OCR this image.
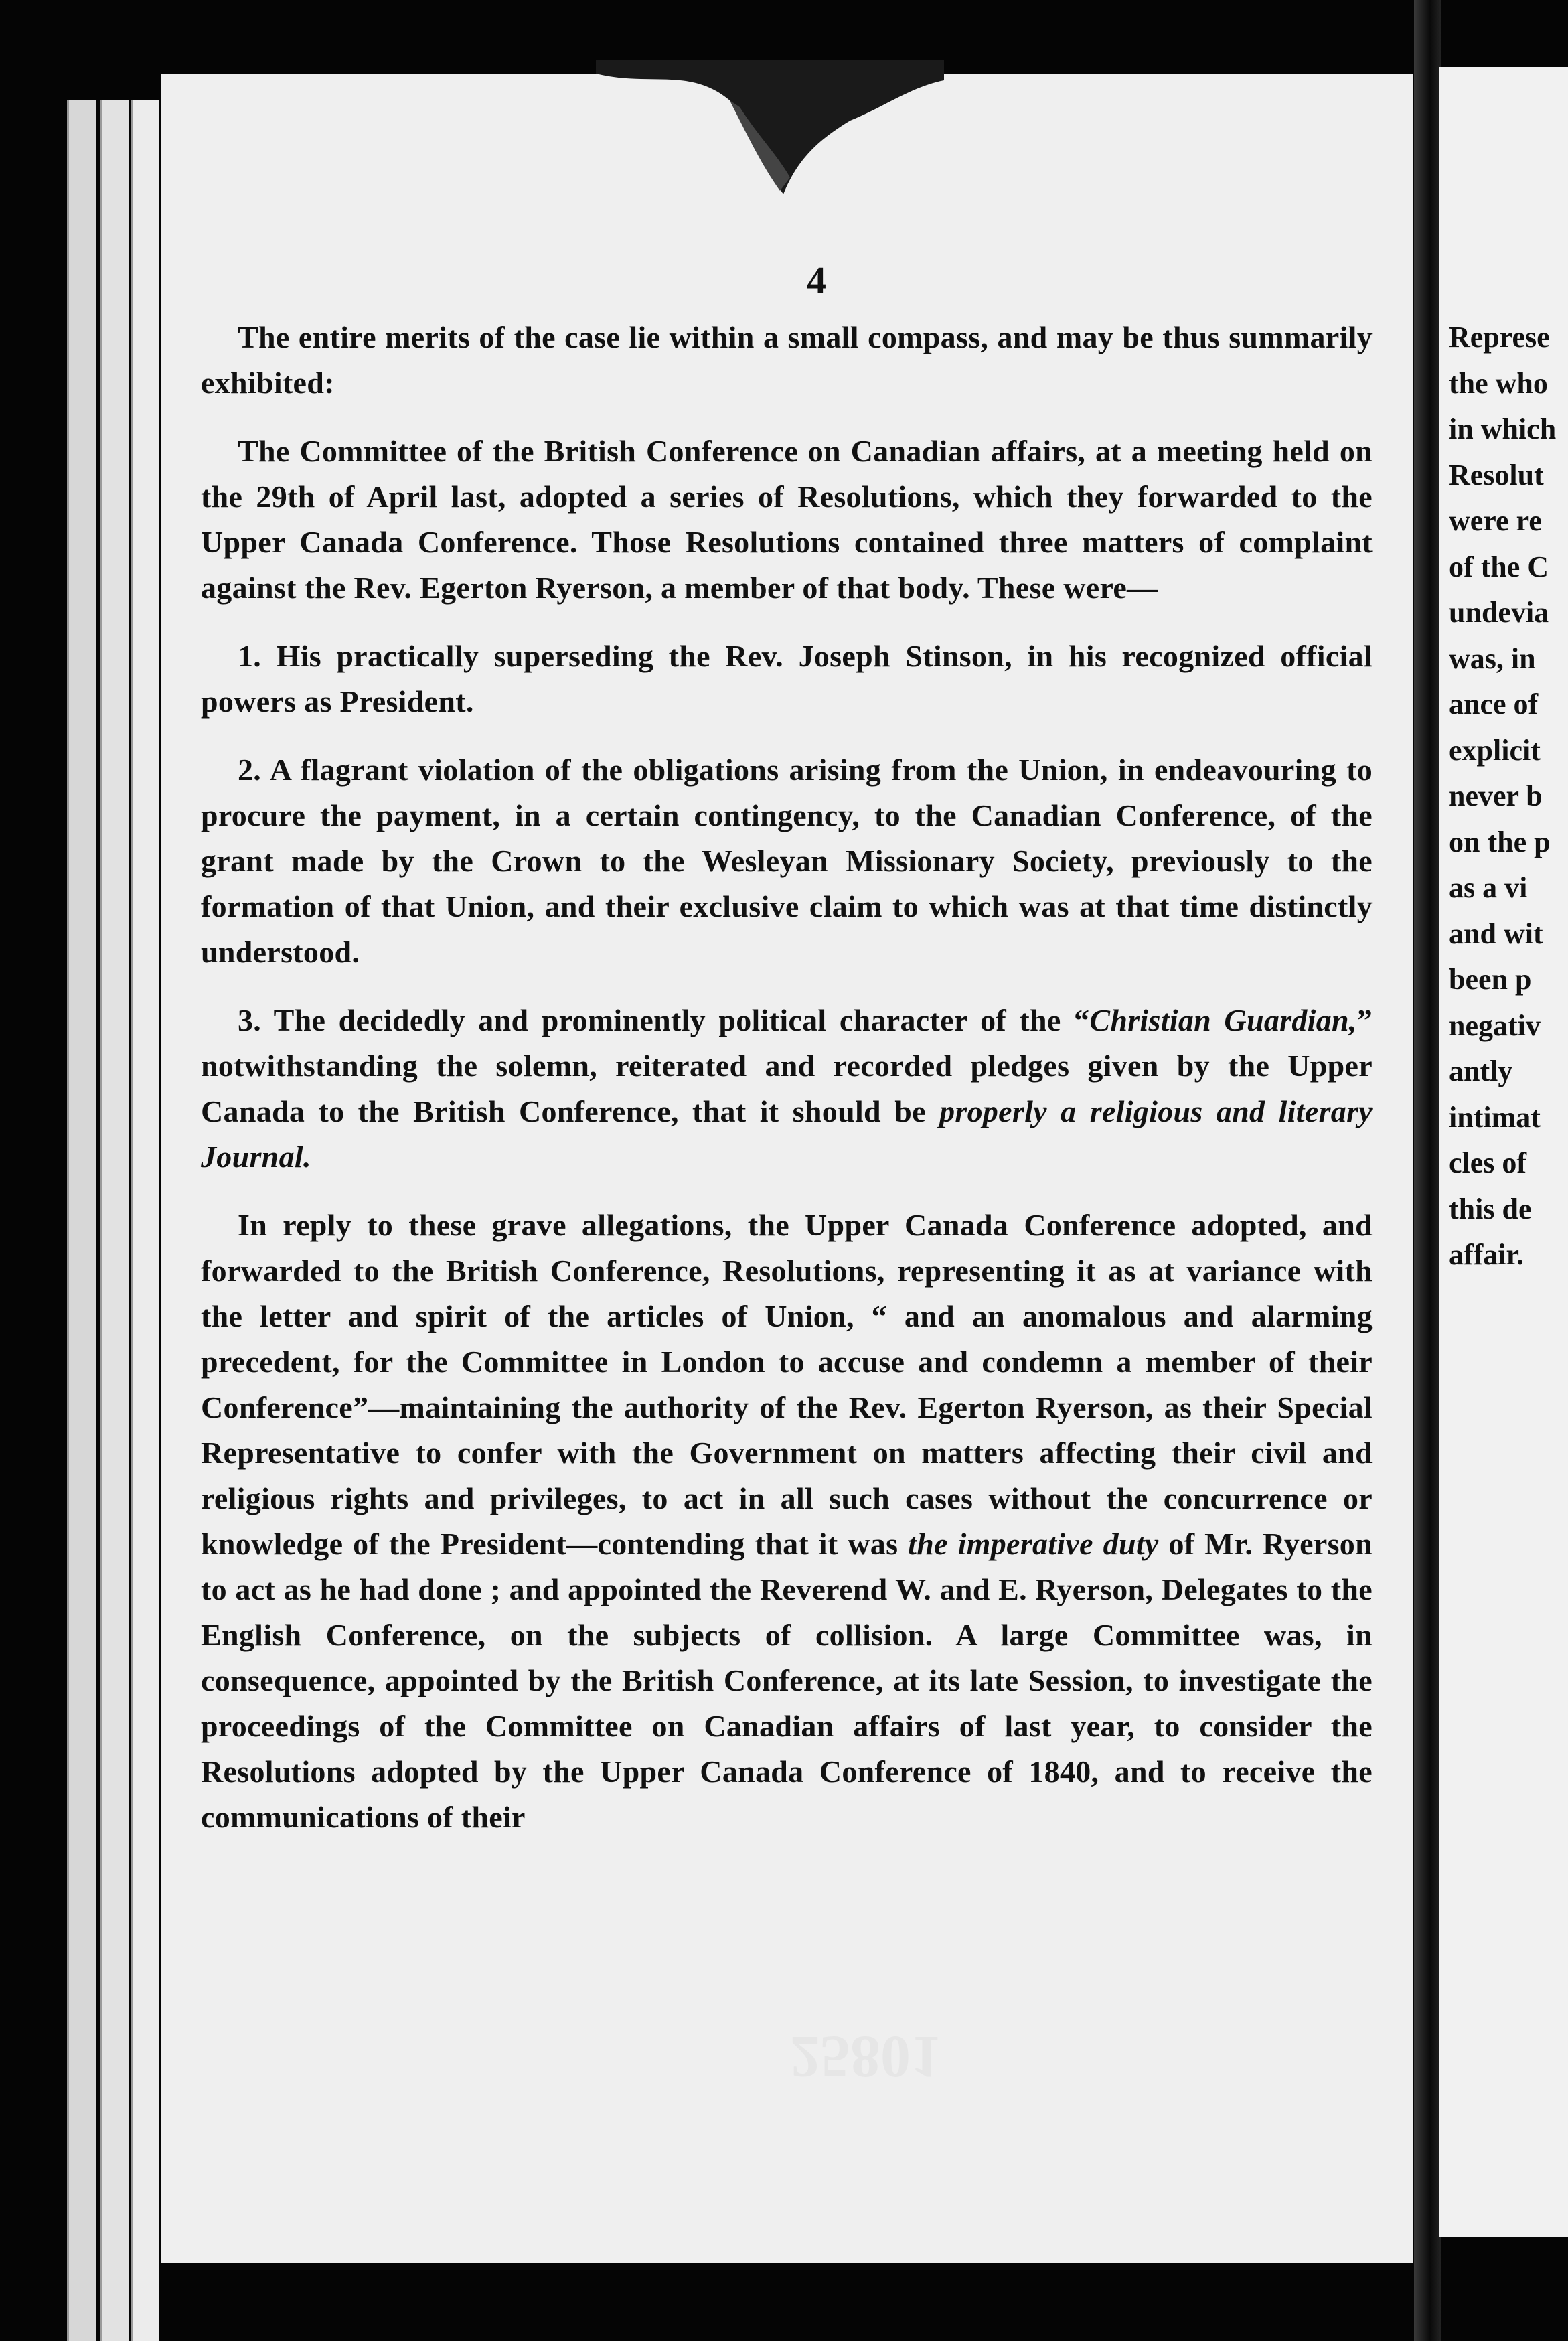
4

The entire merits of the case lie within a small compass, and may be thus summarily exhibited:

The Committee of the British Conference on Canadian affairs, at a meeting held on the 29th of April last, adopted a series of Resolutions, which they forwarded to the Upper Canada Conference. Those Resolutions contained three matters of complaint against the Rev. Egerton Ryerson, a member of that body. These were—

1. His practically superseding the Rev. Joseph Stinson, in his recognized official powers as President.

2. A flagrant violation of the obligations arising from the Union, in endeavouring to procure the payment, in a certain contingency, to the Canadian Conference, of the grant made by the Crown to the Wesleyan Missionary Society, previously to the formation of that Union, and their exclusive claim to which was at that time distinctly understood.

3. The decidedly and prominently political character of the “Christian Guardian,” notwithstanding the solemn, reiterated and recorded pledges given by the Upper Canada to the British Conference, that it should be properly a religious and literary Journal.

In reply to these grave allegations, the Upper Canada Conference adopted, and forwarded to the British Conference, Resolutions, representing it as at variance with the letter and spirit of the articles of Union, “ and an anomalous and alarming precedent, for the Committee in London to accuse and condemn a member of their Conference”—maintaining the authority of the Rev. Egerton Ryerson, as their Special Representative to confer with the Government on matters affecting their civil and religious rights and privileges, to act in all such cases without the concurrence or knowledge of the President—contending that it was the imperative duty of Mr. Ryerson to act as he had done ; and appointed the Reverend W. and E. Ryerson, Delegates to the English Conference, on the subjects of collision. A large Committee was, in consequence, appointed by the British Conference, at its late Session, to investigate the proceedings of the Committee on Canadian affairs of last year, to consider the Resolutions adopted by the Upper Canada Conference of 1840, and to receive the communications of their

25801
Represe
the who
in which
Resolut
were re
of the C
undevia
was, in
ance of
explicit
never b
on the p
as a vi
and wit
been p
negativ
antly
intimat
cles of
this de
affair.
